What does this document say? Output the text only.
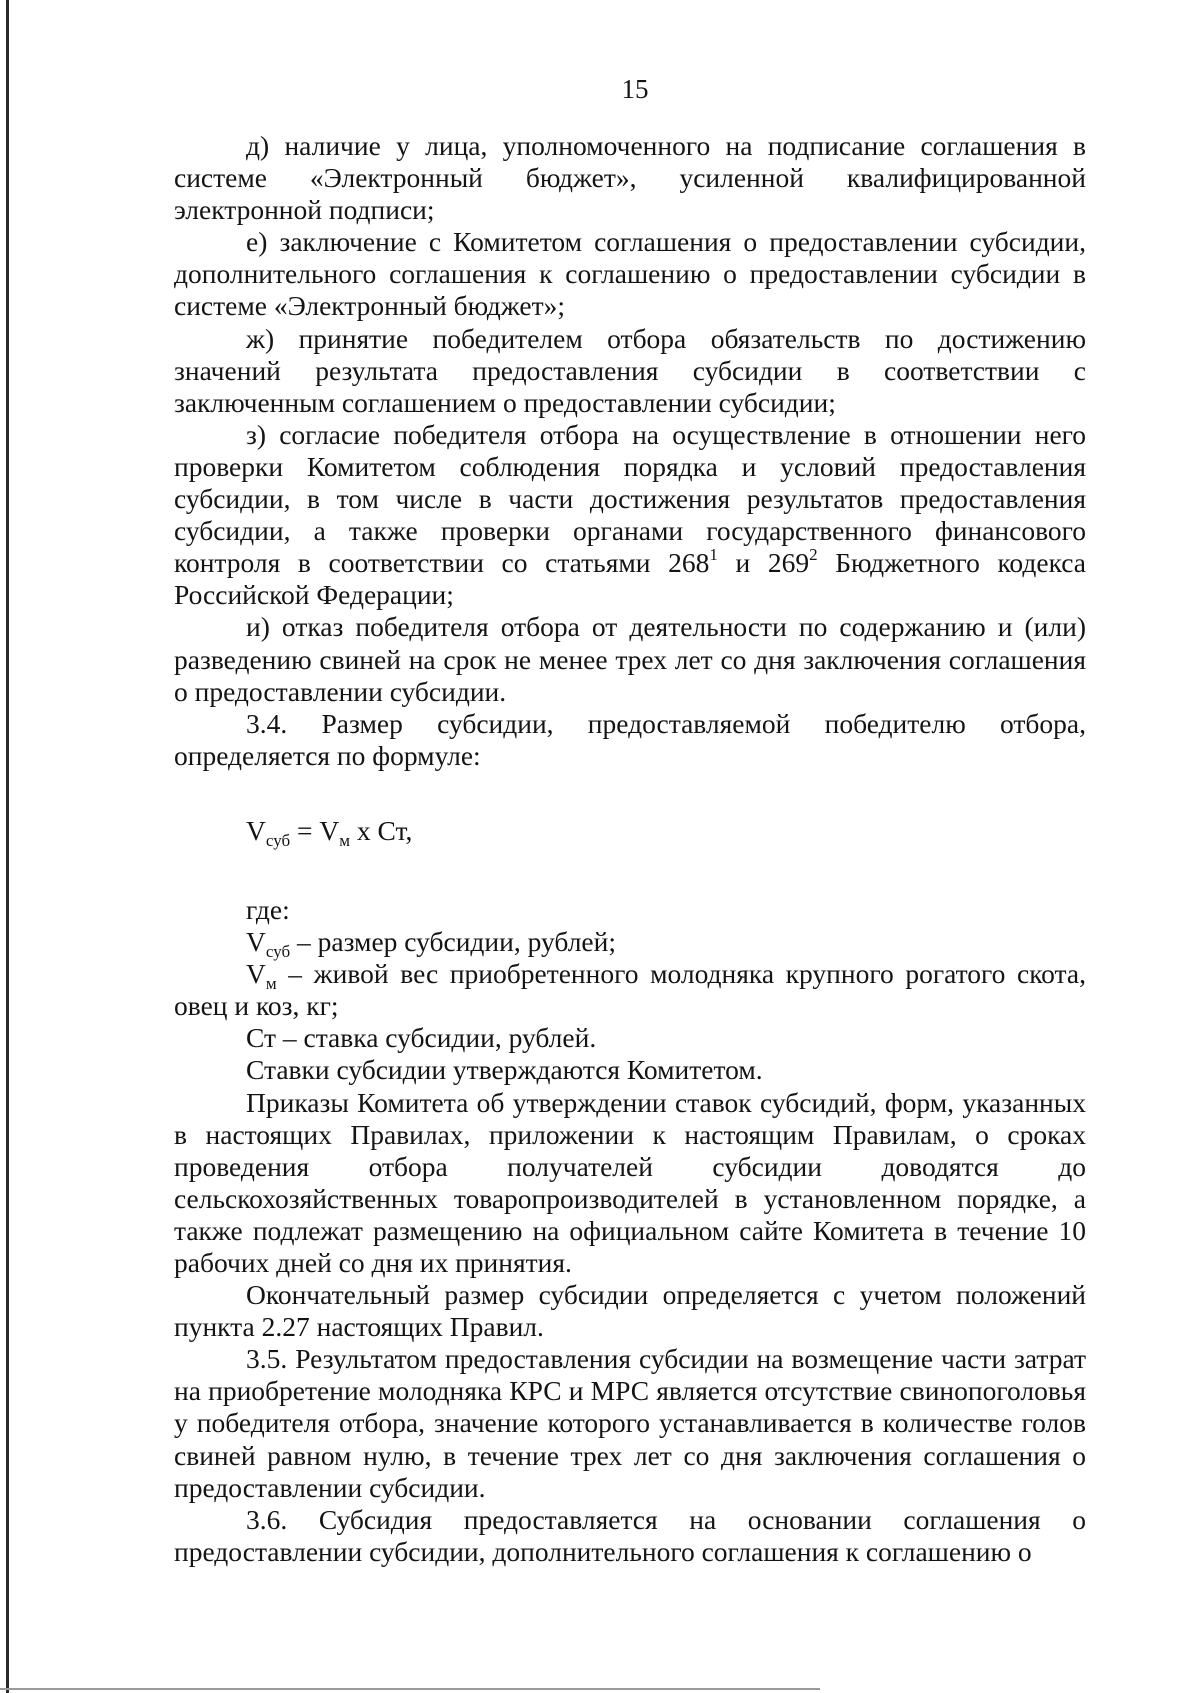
15

д) наличие у лица, уполномоченного на подписание соглашения в системе «Электронный бюджет», усиленной квалифицированной электронной подписи;

е) заключение с Комитетом соглашения о предоставлении субсидии, дополнительного соглашения к соглашению о предоставлении субсидии в системе «Электронный бюджет»;

ж) принятие победителем отбора обязательств по достижению значений результата предоставления субсидии в соответствии с заключенным соглашением о предоставлении субсидии;

з) согласие победителя отбора на осуществление в отношении него проверки Комитетом соблюдения порядка и условий предоставления субсидии, в том числе в части достижения результатов предоставления субсидии, а также проверки органами государственного финансового контроля в соответствии со статьями $268^1$ и $269^2$ Бюджетного кодекса Российской Федерации;

и) отказ победителя отбора от деятельности по содержанию и (или) разведению свиней на срок не менее трех лет со дня заключения соглашения о предоставлении субсидии.

3.4. Размер субсидии, предоставляемой победителю отбора, определяется по формуле:

$V_{суб} = V_м$ х Ст,

где:

$V_{суб}$ – размер субсидии, рублей;

$V_м$ – живой вес приобретенного молодняка крупного рогатого скота, овец и коз, кг;

Ст – ставка субсидии, рублей.

Ставки субсидии утверждаются Комитетом.

Приказы Комитета об утверждении ставок субсидий, форм, указанных в настоящих Правилах, приложении к настоящим Правилам, о сроках проведения отбора получателей субсидии доводятся до сельскохозяйственных товаропроизводителей в установленном порядке, а также подлежат размещению на официальном сайте Комитета в течение 10 рабочих дней со дня их принятия.

Окончательный размер субсидии определяется с учетом положений пункта 2.27 настоящих Правил.

3.5. Результатом предоставления субсидии на возмещение части затрат на приобретение молодняка КРС и МРС является отсутствие свинопоголовья у победителя отбора, значение которого устанавливается в количестве голов свиней равном нулю, в течение трех лет со дня заключения соглашения о предоставлении субсидии.

3.6. Субсидия предоставляется на основании соглашения о предоставлении субсидии, дополнительного соглашения к соглашению о
